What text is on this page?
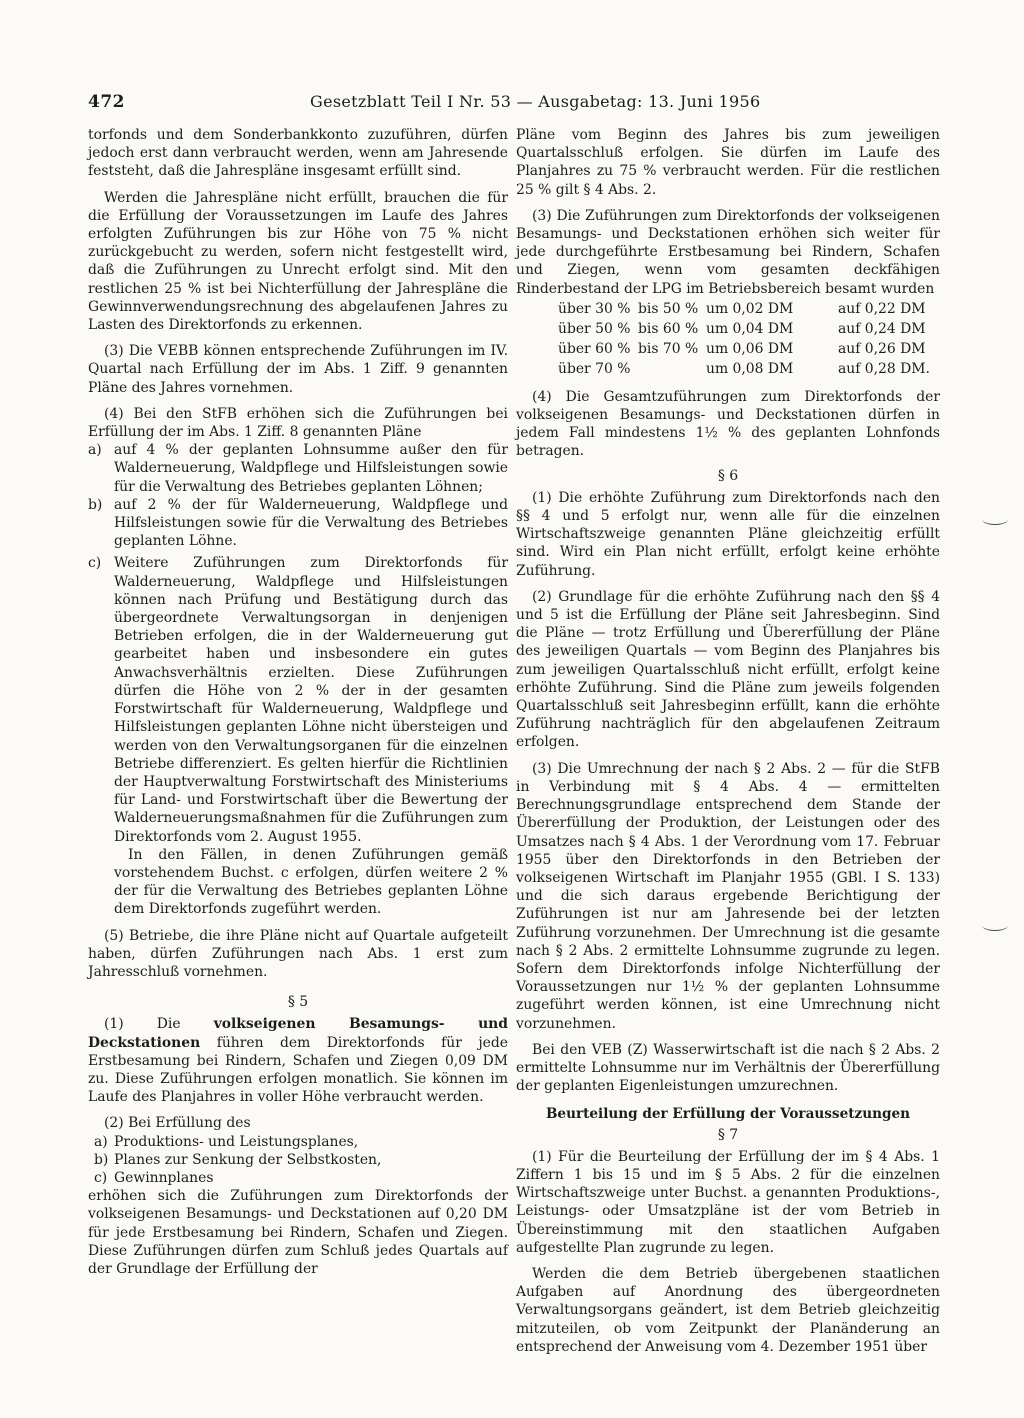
472	Gesetzblatt Teil I Nr. 53 — Ausgabetag: 13. Juni 1956

torfonds und dem Sonderbankkonto zuzuführen, dürfen jedoch erst dann verbraucht werden, wenn am Jahresende feststeht, daß die Jahrespläne insgesamt erfüllt sind.

Werden die Jahrespläne nicht erfüllt, brauchen die für die Erfüllung der Voraussetzungen im Laufe des Jahres erfolgten Zuführungen bis zur Höhe von 75 % nicht zurückgebucht zu werden, sofern nicht festgestellt wird, daß die Zuführungen zu Unrecht erfolgt sind. Mit den restlichen 25 % ist bei Nichterfüllung der Jahrespläne die Gewinnverwendungsrechnung des abgelaufenen Jahres zu Lasten des Direktorfonds zu erkennen.

(3) Die VEBB können entsprechende Zuführungen im IV. Quartal nach Erfüllung der im Abs. 1 Ziff. 9 genannten Pläne des Jahres vornehmen.

(4) Bei den StFB erhöhen sich die Zuführungen bei Erfüllung der im Abs. 1 Ziff. 8 genannten Pläne

a) auf 4 % der geplanten Lohnsumme außer den für Walderneuerung, Waldpflege und Hilfsleistungen sowie für die Verwaltung des Betriebes geplanten Löhnen;

b) auf 2 % der für Walderneuerung, Waldpflege und Hilfsleistungen sowie für die Verwaltung des Betriebes geplanten Löhne.

c) Weitere Zuführungen zum Direktorfonds für Walderneuerung, Waldpflege und Hilfsleistungen können nach Prüfung und Bestätigung durch das übergeordnete Verwaltungsorgan in denjenigen Betrieben erfolgen, die in der Walderneuerung gut gearbeitet haben und insbesondere ein gutes Anwachsverhältnis erzielten. Diese Zuführungen dürfen die Höhe von 2 % der in der gesamten Forstwirtschaft für Walderneuerung, Waldpflege und Hilfsleistungen geplanten Löhne nicht übersteigen und werden von den Verwaltungsorganen für die einzelnen Betriebe differenziert. Es gelten hierfür die Richtlinien der Hauptverwaltung Forstwirtschaft des Ministeriums für Land- und Forstwirtschaft über die Bewertung der Walderneuerungsmaßnahmen für die Zuführungen zum Direktorfonds vom 2. August 1955.

In den Fällen, in denen Zuführungen gemäß vorstehendem Buchst. c erfolgen, dürfen weitere 2 % der für die Verwaltung des Betriebes geplanten Löhne dem Direktorfonds zugeführt werden.

(5) Betriebe, die ihre Pläne nicht auf Quartale aufgeteilt haben, dürfen Zuführungen nach Abs. 1 erst zum Jahresschluß vornehmen.

§ 5

(1) Die volkseigenen Besamungs- und Deckstationen führen dem Direktorfonds für jede Erstbesamung bei Rindern, Schafen und Ziegen 0,09 DM zu. Diese Zuführungen erfolgen monatlich. Sie können im Laufe des Planjahres in voller Höhe verbraucht werden.

(2) Bei Erfüllung des

a) Produktions- und Leistungsplanes,

b) Planes zur Senkung der Selbstkosten,

c) Gewinnplanes

erhöhen sich die Zuführungen zum Direktorfonds der volkseigenen Besamungs- und Deckstationen auf 0,20 DM für jede Erstbesamung bei Rindern, Schafen und Ziegen. Diese Zuführungen dürfen zum Schluß jedes Quartals auf der Grundlage der Erfüllung der

Pläne vom Beginn des Jahres bis zum jeweiligen Quartalsschluß erfolgen. Sie dürfen im Laufe des Planjahres zu 75 % verbraucht werden. Für die restlichen 25 % gilt § 4 Abs. 2.

(3) Die Zuführungen zum Direktorfonds der volkseigenen Besamungs- und Deckstationen erhöhen sich weiter für jede durchgeführte Erstbesamung bei Rindern, Schafen und Ziegen, wenn vom gesamten deckfähigen Rinderbestand der LPG im Betriebsbereich besamt wurden

über 30 % bis 50 % um 0,02 DM	auf 0,22 DM
über 50 % bis 60 % um 0,04 DM	auf 0,24 DM
über 60 % bis 70 % um 0,06 DM	auf 0,26 DM
über 70 %	um 0,08 DM	auf 0,28 DM.

(4) Die Gesamtzuführungen zum Direktorfonds der volkseigenen Besamungs- und Deckstationen dürfen in jedem Fall mindestens 1½ % des geplanten Lohnfonds betragen.

§ 6

(1) Die erhöhte Zuführung zum Direktorfonds nach den §§ 4 und 5 erfolgt nur, wenn alle für die einzelnen Wirtschaftszweige genannten Pläne gleichzeitig erfüllt sind. Wird ein Plan nicht erfüllt, erfolgt keine erhöhte Zuführung.

(2) Grundlage für die erhöhte Zuführung nach den §§ 4 und 5 ist die Erfüllung der Pläne seit Jahresbeginn. Sind die Pläne — trotz Erfüllung und Übererfüllung der Pläne des jeweiligen Quartals — vom Beginn des Planjahres bis zum jeweiligen Quartalsschluß nicht erfüllt, erfolgt keine erhöhte Zuführung. Sind die Pläne zum jeweils folgenden Quartalsschluß seit Jahresbeginn erfüllt, kann die erhöhte Zuführung nachträglich für den abgelaufenen Zeitraum erfolgen.

(3) Die Umrechnung der nach § 2 Abs. 2 — für die StFB in Verbindung mit § 4 Abs. 4 — ermittelten Berechnungsgrundlage entsprechend dem Stande der Übererfüllung der Produktion, der Leistungen oder des Umsatzes nach § 4 Abs. 1 der Verordnung vom 17. Februar 1955 über den Direktorfonds in den Betrieben der volkseigenen Wirtschaft im Planjahr 1955 (GBl. I S. 133) und die sich daraus ergebende Berichtigung der Zuführungen ist nur am Jahresende bei der letzten Zuführung vorzunehmen. Der Umrechnung ist die gesamte nach § 2 Abs. 2 ermittelte Lohnsumme zugrunde zu legen. Sofern dem Direktorfonds infolge Nichterfüllung der Voraussetzungen nur 1½ % der geplanten Lohnsumme zugeführt werden können, ist eine Umrechnung nicht vorzunehmen.

Bei den VEB (Z) Wasserwirtschaft ist die nach § 2 Abs. 2 ermittelte Lohnsumme nur im Verhältnis der Übererfüllung der geplanten Eigenleistungen umzurechnen.

Beurteilung der Erfüllung der Voraussetzungen

§ 7

(1) Für die Beurteilung der Erfüllung der im § 4 Abs. 1 Ziffern 1 bis 15 und im § 5 Abs. 2 für die einzelnen Wirtschaftszweige unter Buchst. a genannten Produktions-, Leistungs- oder Umsatzpläne ist der vom Betrieb in Übereinstimmung mit den staatlichen Aufgaben aufgestellte Plan zugrunde zu legen.

Werden die dem Betrieb übergebenen staatlichen Aufgaben auf Anordnung des übergeordneten Verwaltungsorgans geändert, ist dem Betrieb gleichzeitig mitzuteilen, ob vom Zeitpunkt der Planänderung an entsprechend der Anweisung vom 4. Dezember 1951 über
